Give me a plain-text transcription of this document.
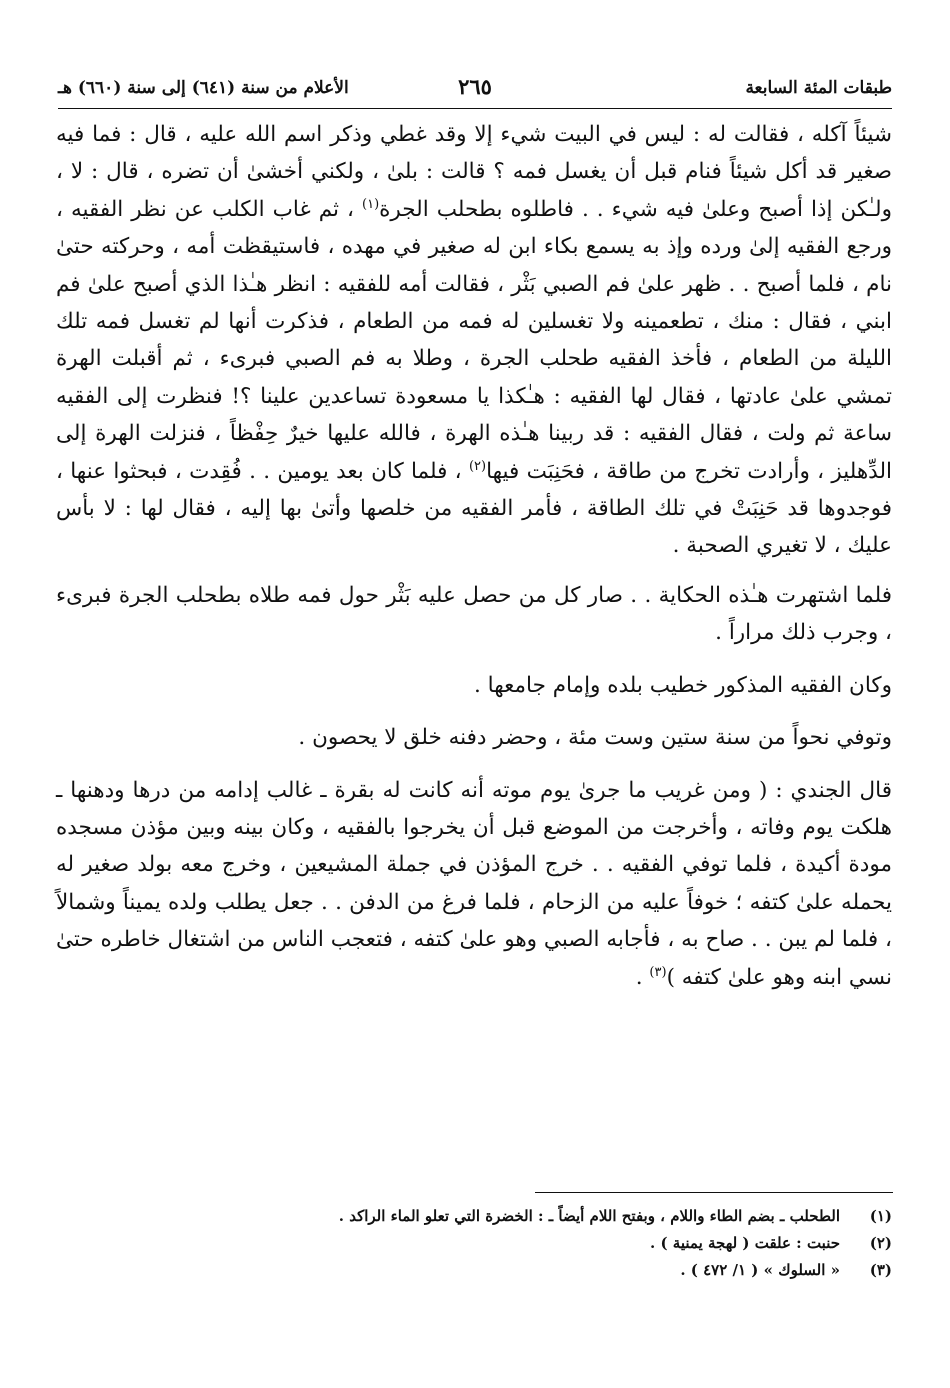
طبقات المئة السابعة
٢٦٥
الأعلام من سنة (٦٤١) إلى سنة (٦٦٠) هـ

شيئاً آكله ، فقالت له : ليس في البيت شيء إلا وقد غطي وذكر اسم الله عليه ، قال : فما فيه صغير قد أكل شيئاً فنام قبل أن يغسل فمه ؟ قالت : بلىٰ ، ولكني أخشىٰ أن تضره ، قال : لا ، ولـٰكن إذا أصبح وعلىٰ فيه شيء . . فاطلوه بطحلب الجرة$^{(١)}$ ، ثم غاب الكلب عن نظر الفقيه ، ورجع الفقيه إلىٰ ورده وإذ به يسمع بكاء ابن له صغير في مهده ، فاستيقظت أمه ، وحركته حتىٰ نام ، فلما أصبح . . ظهر علىٰ فم الصبي بَثْر ، فقالت أمه للفقيه : انظر هـٰذا الذي أصبح علىٰ فم ابني ، فقال : منك ، تطعمينه ولا تغسلين له فمه من الطعام ، فذكرت أنها لم تغسل فمه تلك الليلة من الطعام ، فأخذ الفقيه طحلب الجرة ، وطلا به فم الصبي فبرىء ، ثم أقبلت الهرة تمشي علىٰ عادتها ، فقال لها الفقيه : هـٰكذا يا مسعودة تساعدين علينا ؟! فنظرت إلى الفقيه ساعة ثم ولت ، فقال الفقيه : قد ربينا هـٰذه الهرة ، فالله عليها خيرٌ حِفْظاً ، فنزلت الهرة إلى الدِّهليز ، وأرادت تخرج من طاقة ، فحَنِبَت فيها$^{(٢)}$ ، فلما كان بعد يومين . . فُقِدت ، فبحثوا عنها ، فوجدوها قد حَنِبَتْ في تلك الطاقة ، فأمر الفقيه من خلصها وأتىٰ بها إليه ، فقال لها : لا بأس عليك ، لا تغيري الصحبة .

فلما اشتهرت هـٰذه الحكاية . . صار كل من حصل عليه بَثْر حول فمه طلاه بطحلب الجرة فبرىء ، وجرب ذلك مراراً .

وكان الفقيه المذكور خطيب بلده وإمام جامعها .

وتوفي نحواً من سنة ستين وست مئة ، وحضر دفنه خلق لا يحصون .

قال الجندي : ( ومن غريب ما جرىٰ يوم موته أنه كانت له بقرة ـ غالب إدامه من درها ودهنها ـ هلكت يوم وفاته ، وأخرجت من الموضع قبل أن يخرجوا بالفقيه ، وكان بينه وبين مؤذن مسجده مودة أكيدة ، فلما توفي الفقيه . . خرج المؤذن في جملة المشيعين ، وخرج معه بولد صغير له يحمله علىٰ كتفه ؛ خوفاً عليه من الزحام ، فلما فرغ من الدفن . . جعل يطلب ولده يميناً وشمالاً ، فلما لم يبن . . صاح به ، فأجابه الصبي وهو علىٰ كتفه ، فتعجب الناس من اشتغال خاطره حتىٰ نسي ابنه وهو علىٰ كتفه )$^{(٣)}$ .

(١)
الطحلب ـ بضم الطاء واللام ، وبفتح اللام أيضاً ـ : الخضرة التي تعلو الماء الراكد .
(٢)
حنبت : علقت ( لهجة يمنية ) .
(٣)
« السلوك » ( ١/ ٤٧٢ ) .
